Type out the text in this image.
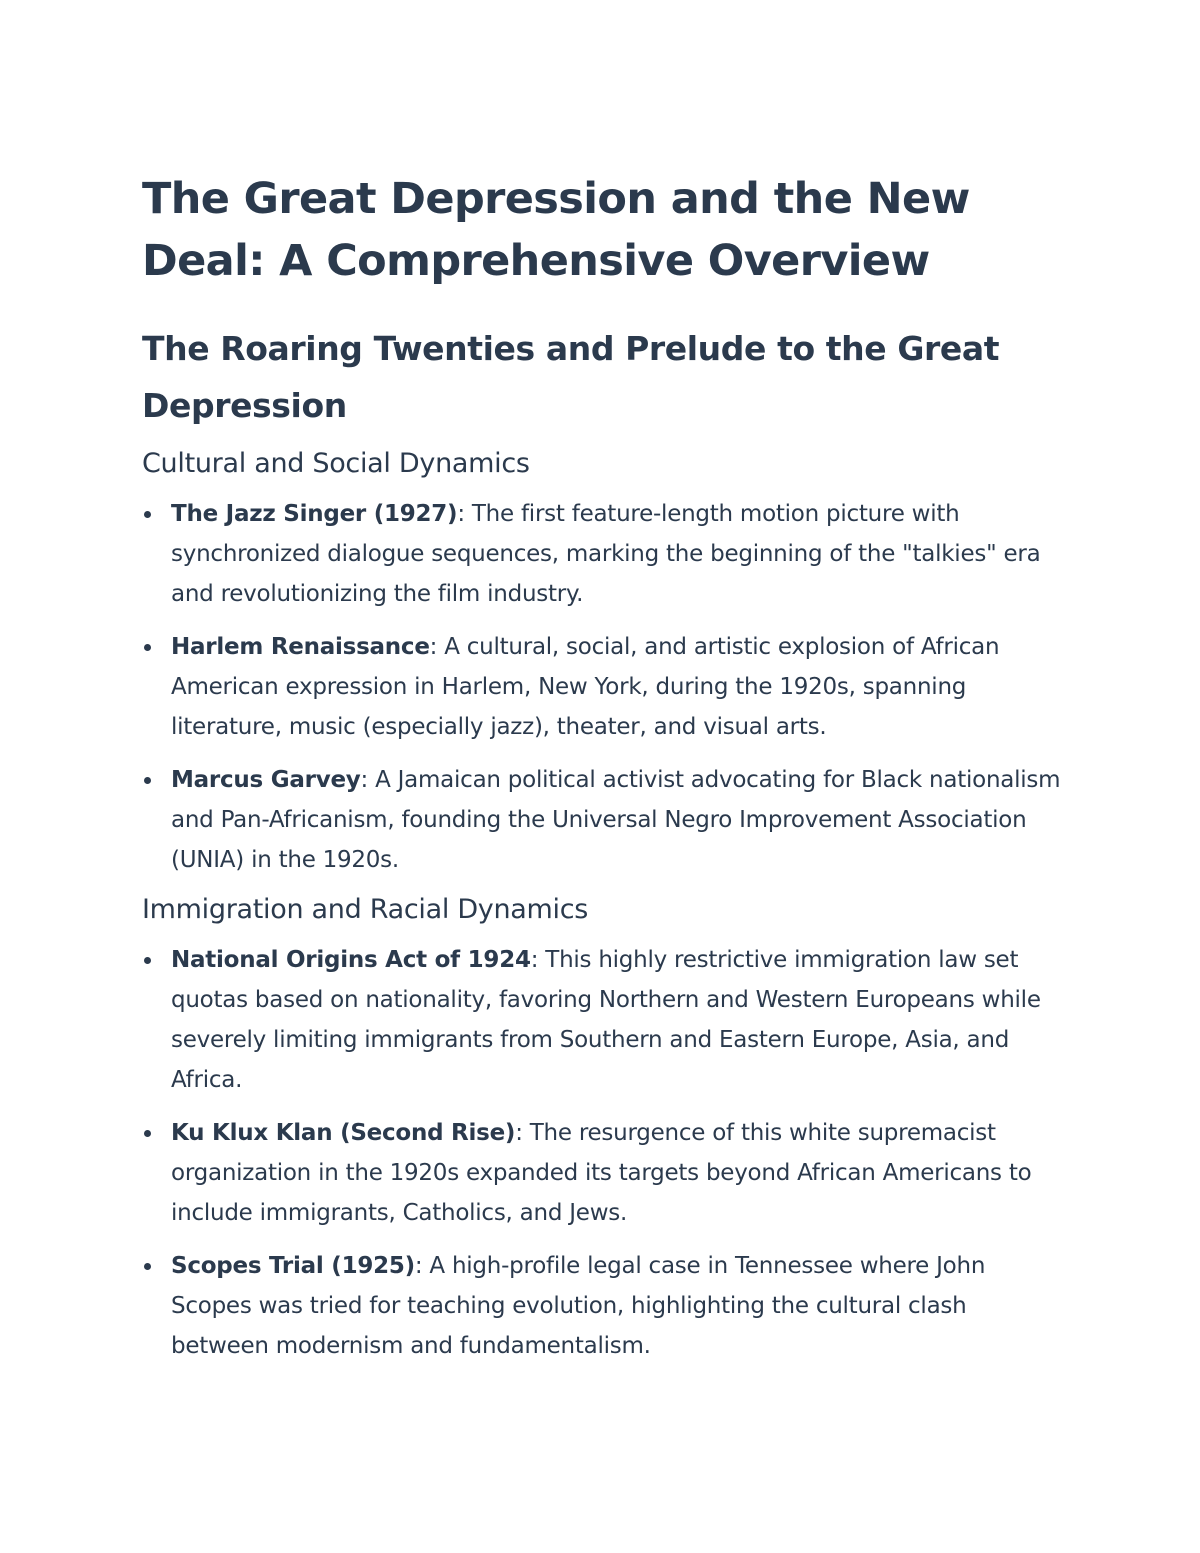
The Great Depression and the New Deal: A Comprehensive Overview
The Roaring Twenties and Prelude to the Great Depression
Cultural and Social Dynamics
The Jazz Singer (1927): The first feature-length motion picture with synchronized dialogue sequences, marking the beginning of the "talkies" era and revolutionizing the film industry.
Harlem Renaissance: A cultural, social, and artistic explosion of African American expression in Harlem, New York, during the 1920s, spanning literature, music (especially jazz), theater, and visual arts.
Marcus Garvey: A Jamaican political activist advocating for Black nationalism and Pan-Africanism, founding the Universal Negro Improvement Association (UNIA) in the 1920s.
Immigration and Racial Dynamics
National Origins Act of 1924: This highly restrictive immigration law set quotas based on nationality, favoring Northern and Western Europeans while severely limiting immigrants from Southern and Eastern Europe, Asia, and Africa.
Ku Klux Klan (Second Rise): The resurgence of this white supremacist organization in the 1920s expanded its targets beyond African Americans to include immigrants, Catholics, and Jews.
Scopes Trial (1925): A high-profile legal case in Tennessee where John Scopes was tried for teaching evolution, highlighting the cultural clash between modernism and fundamentalism.
